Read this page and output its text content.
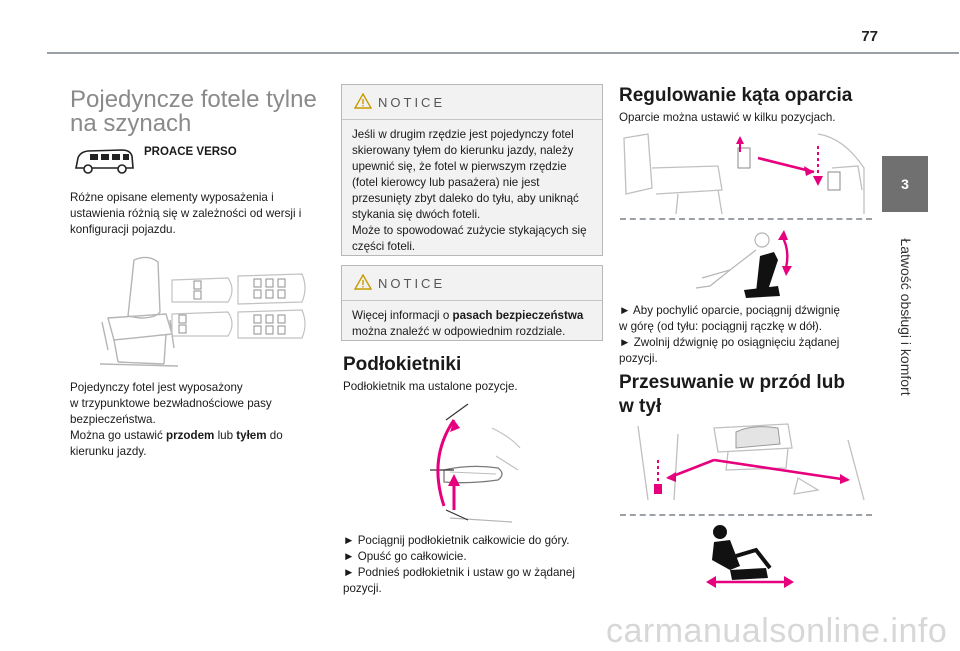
77
3
Łatwość obsługi i komfort
Pojedyncze fotele tylne
na szynach
PROACE VERSO
Różne opisane elementy wyposażenia i ustawienia różnią się w zależności od wersji i konfiguracji pojazdu.
Pojedynczy fotel jest wyposażony
w trzypunktowe bezwładnościowe pasy
bezpieczeństwa.
Można go ustawić przodem lub tyłem do
kierunku jazdy.
NOTICE
Jeśli w drugim rzędzie jest pojedynczy fotel
skierowany tyłem do kierunku jazdy, należy
upewnić się, że fotel w pierwszym rzędzie
(fotel kierowcy lub pasażera) nie jest
przesunięty zbyt daleko do tyłu, aby uniknąć
stykania się dwóch foteli.
Może to spowodować zużycie stykających się
części foteli.
NOTICE
Więcej informacji o pasach bezpieczeństwa
można znaleźć w odpowiednim rozdziale.
Podłokietniki
Podłokietnik ma ustalone pozycje.
► Pociągnij podłokietnik całkowicie do góry.
► Opuść go całkowicie.
► Podnieś podłokietnik i ustaw go w żądanej
pozycji.
Regulowanie kąta oparcia
Oparcie można ustawić w kilku pozycjach.
► Aby pochylić oparcie, pociągnij dźwignię
w górę (od tyłu: pociągnij rączkę w dół).
► Zwolnij dźwignię po osiągnięciu żądanej
pozycji.
Przesuwanie w przód lub
w tył
carmanualsonline.info
